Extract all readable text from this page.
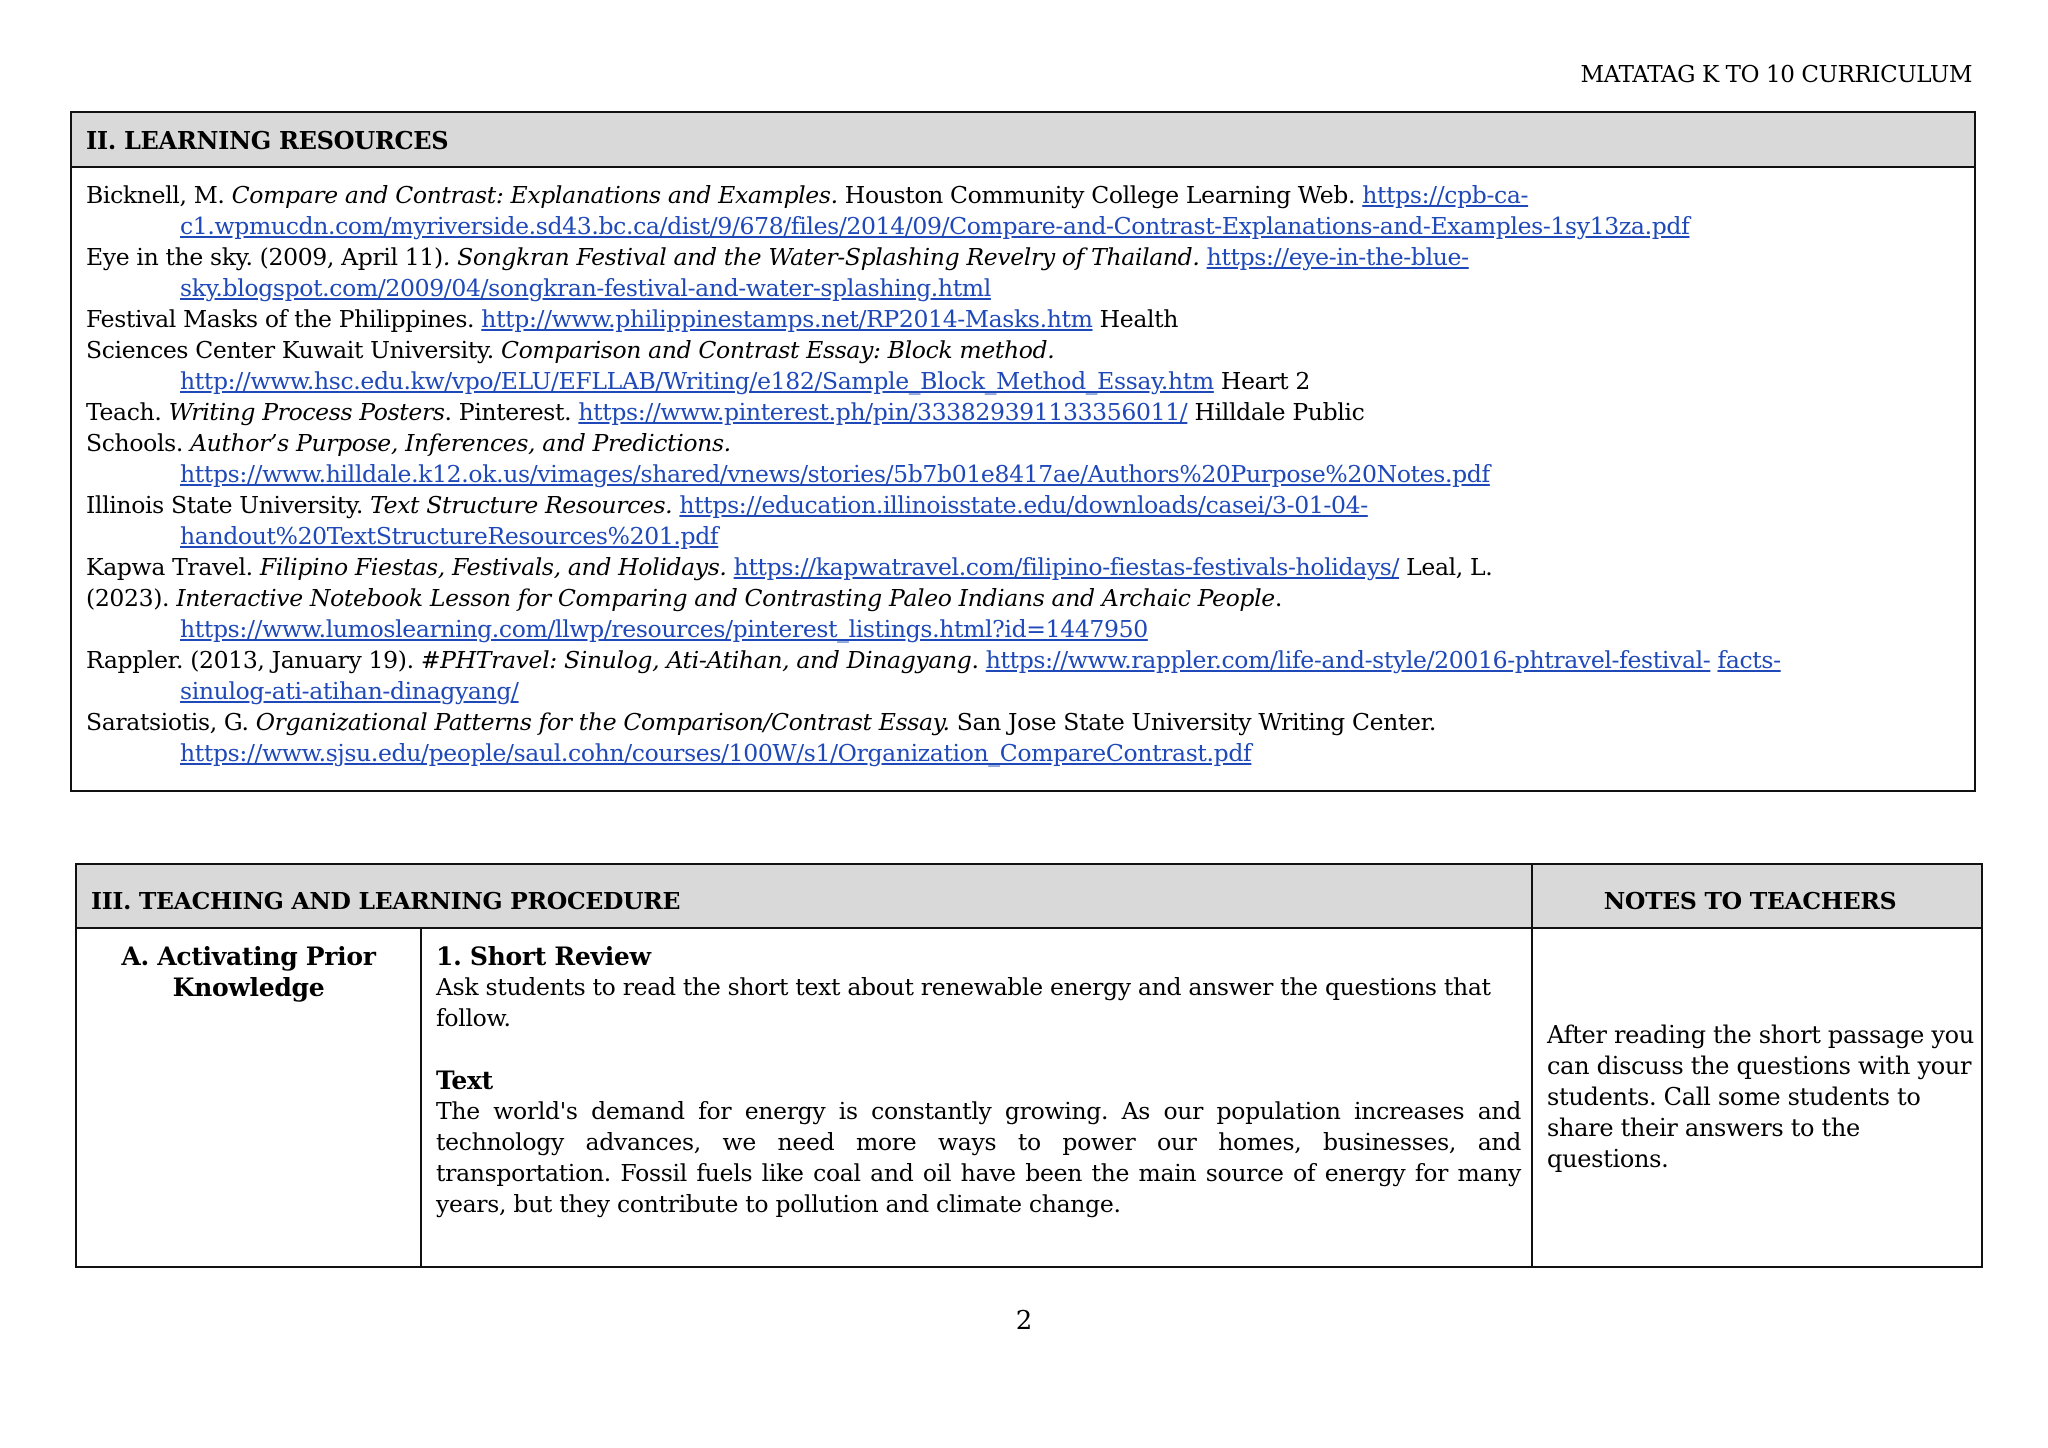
MATATAG K TO 10 CURRICULUM
II. LEARNING RESOURCES

Bicknell, M. Compare and Contrast: Explanations and Examples. Houston Community College Learning Web. https://cpb-ca-

c1.wpmucdn.com/myriverside.sd43.bc.ca/dist/9/678/files/2014/09/Compare-and-Contrast-Explanations-and-Examples-1sy13za.pdf

Eye in the sky. (2009, April 11). Songkran Festival and the Water-Splashing Revelry of Thailand. https://eye-in-the-blue-

sky.blogspot.com/2009/04/songkran-festival-and-water-splashing.html

Festival Masks of the Philippines. http://www.philippinestamps.net/RP2014-Masks.htm Health

Sciences Center Kuwait University. Comparison and Contrast Essay: Block method.

http://www.hsc.edu.kw/vpo/ELU/EFLLAB/Writing/e182/Sample_Block_Method_Essay.htm Heart 2

Teach. Writing Process Posters. Pinterest. https://www.pinterest.ph/pin/333829391133356011/ Hilldale Public

Schools. Author’s Purpose, Inferences, and Predictions.

https://www.hilldale.k12.ok.us/vimages/shared/vnews/stories/5b7b01e8417ae/Authors%20Purpose%20Notes.pdf

Illinois State University. Text Structure Resources. https://education.illinoisstate.edu/downloads/casei/3-01-04-

handout%20TextStructureResources%201.pdf

Kapwa Travel. Filipino Fiestas, Festivals, and Holidays. https://kapwatravel.com/filipino-fiestas-festivals-holidays/ Leal, L.

(2023). Interactive Notebook Lesson for Comparing and Contrasting Paleo Indians and Archaic People.

https://www.lumoslearning.com/llwp/resources/pinterest_listings.html?id=1447950

Rappler. (2013, January 19). #PHTravel: Sinulog, Ati-Atihan, and Dinagyang. https://www.rappler.com/life-and-style/20016-phtravel-festival- facts-

sinulog-ati-atihan-dinagyang/

Saratsiotis, G. Organizational Patterns for the Comparison/Contrast Essay. San Jose State University Writing Center.

https://www.sjsu.edu/people/saul.cohn/courses/100W/s1/Organization_CompareContrast.pdf

III. TEACHING AND LEARNING PROCEDURE		NOTES TO TEACHERS
A. Activating Prior Knowledge	1. Short Review
Ask students to read the short text about renewable energy and answer the questions that follow.
Text
The world's demand for energy is constantly growing. As our population increases and technology advances, we need more ways to power our homes, businesses, and transportation. Fossil fuels like coal and oil have been the main source of energy for many years, but they contribute to pollution and climate change.	After reading the short passage you can discuss the questions with your students. Call some students to share their answers to the questions.
2
